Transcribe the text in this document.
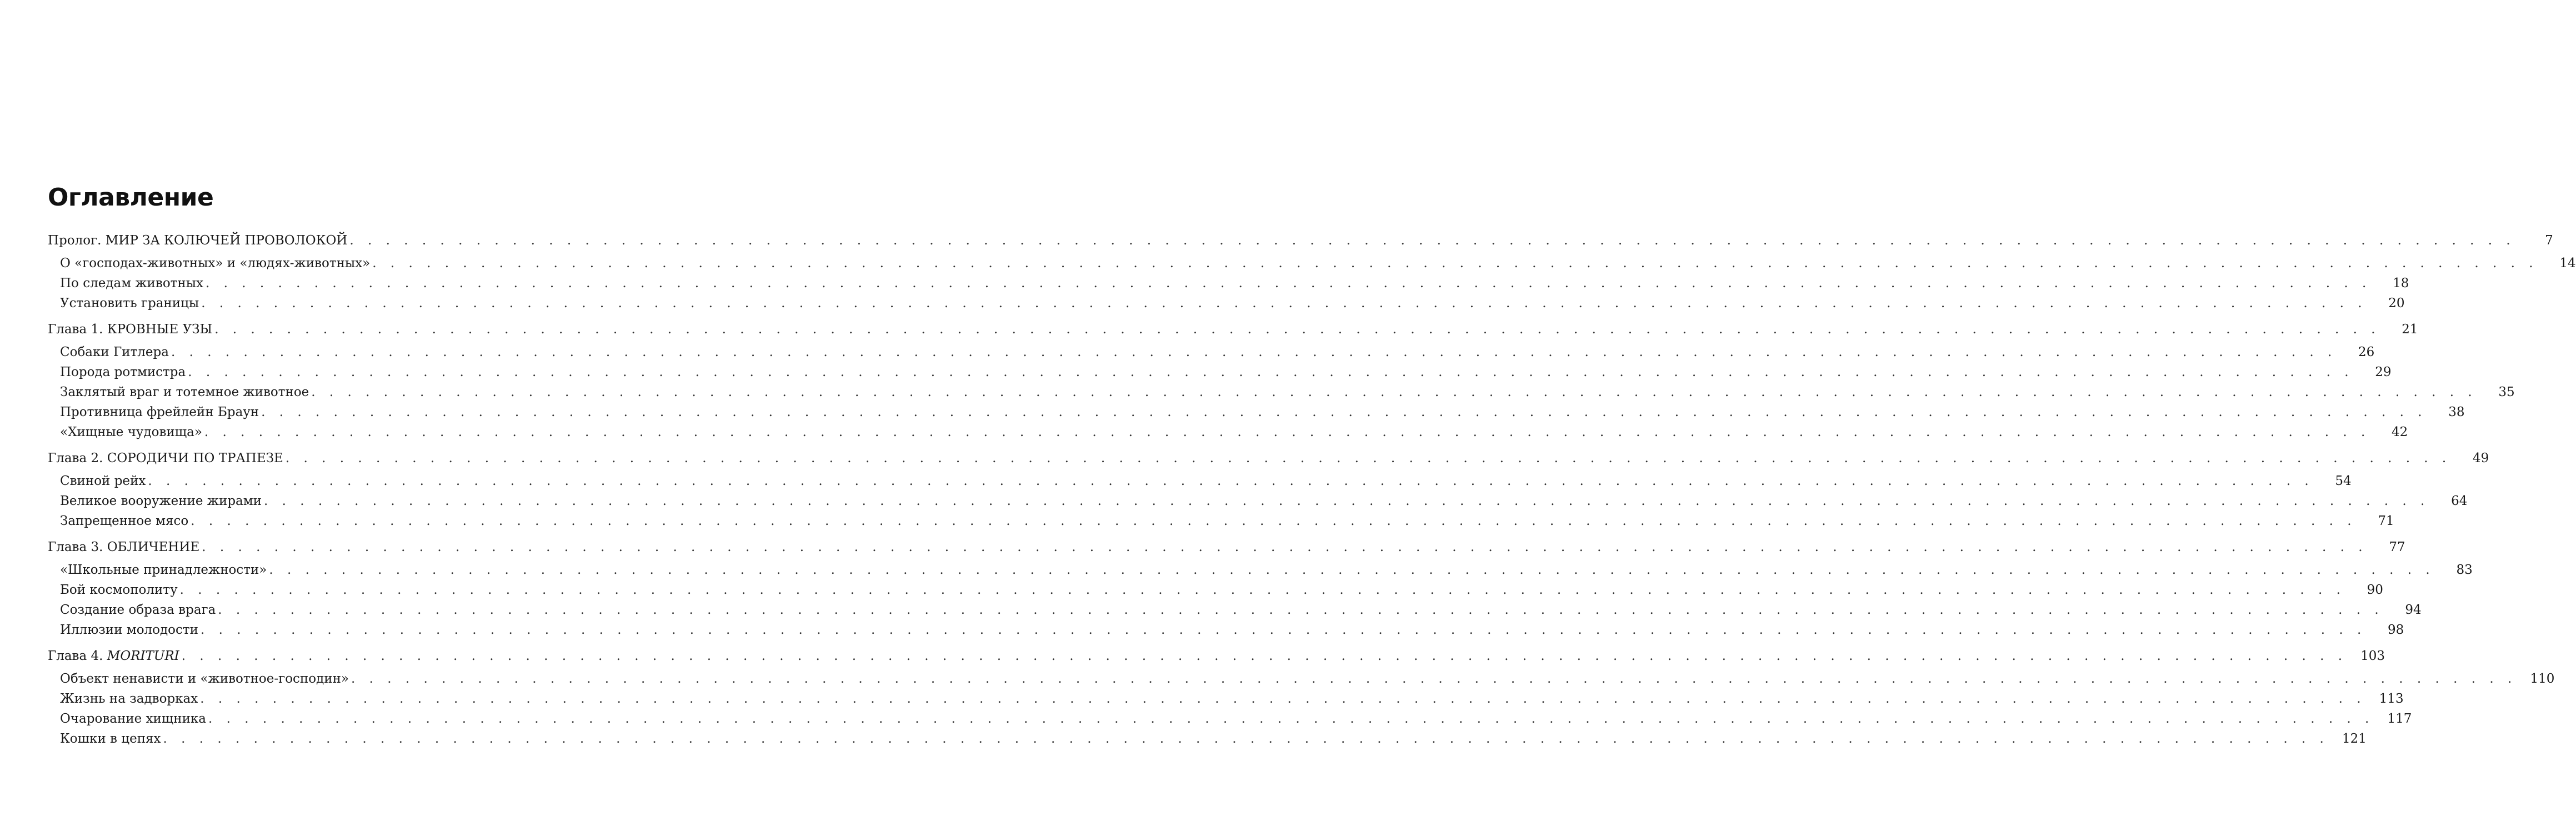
Оглавление
Пролог. МИР ЗА КОЛЮЧЕЙ ПРОВОЛОКОЙ . . . . . . . . . . . . . . . . . . . . . . . . . . . . . . . . . . . . . . . . . . . . . . . . . . . . . . . . . . . . . . . . . . . . . . . . . . . . . . . . . . . . . . . . . . . . . . . . . . . . . . . . . . . . . . . . . . . . . . . .	7
О «господах-животных» и «людях-животных» . . . . . . . . . . . . . . . . . . . . . . . . . . . . . . . . . . . . . . . . . . . . . . . . . . . . . . . . . . . . . . . . . . . . . . . . . . . . . . . . . . . . . . . . . . . . . . . . . . . . . . . . . . . . . . . . . . . . . . . .	14
По следам животных . . . . . . . . . . . . . . . . . . . . . . . . . . . . . . . . . . . . . . . . . . . . . . . . . . . . . . . . . . . . . . . . . . . . . . . . . . . . . . . . . . . . . . . . . . . . . . . . . . . . . . . . . . . . . . . . . . . . . . . .	18
Установить границы . . . . . . . . . . . . . . . . . . . . . . . . . . . . . . . . . . . . . . . . . . . . . . . . . . . . . . . . . . . . . . . . . . . . . . . . . . . . . . . . . . . . . . . . . . . . . . . . . . . . . . . . . . . . . . . . . . . . . . . .	20
Глава 1. КРОВНЫЕ УЗЫ . . . . . . . . . . . . . . . . . . . . . . . . . . . . . . . . . . . . . . . . . . . . . . . . . . . . . . . . . . . . . . . . . . . . . . . . . . . . . . . . . . . . . . . . . . . . . . . . . . . . . . . . . . . . . . . . . . . . . . . .	21
Собаки Гитлера . . . . . . . . . . . . . . . . . . . . . . . . . . . . . . . . . . . . . . . . . . . . . . . . . . . . . . . . . . . . . . . . . . . . . . . . . . . . . . . . . . . . . . . . . . . . . . . . . . . . . . . . . . . . . . . . . . . . . . . .	26
Порода ротмистра . . . . . . . . . . . . . . . . . . . . . . . . . . . . . . . . . . . . . . . . . . . . . . . . . . . . . . . . . . . . . . . . . . . . . . . . . . . . . . . . . . . . . . . . . . . . . . . . . . . . . . . . . . . . . . . . . . . . . . . .	29
Заклятый враг и тотемное животное . . . . . . . . . . . . . . . . . . . . . . . . . . . . . . . . . . . . . . . . . . . . . . . . . . . . . . . . . . . . . . . . . . . . . . . . . . . . . . . . . . . . . . . . . . . . . . . . . . . . . . . . . . . . . . . . . . . . . . . .	35
Противница фрейлейн Браун . . . . . . . . . . . . . . . . . . . . . . . . . . . . . . . . . . . . . . . . . . . . . . . . . . . . . . . . . . . . . . . . . . . . . . . . . . . . . . . . . . . . . . . . . . . . . . . . . . . . . . . . . . . . . . . . . . . . . . . .	38
«Хищные чудовища» . . . . . . . . . . . . . . . . . . . . . . . . . . . . . . . . . . . . . . . . . . . . . . . . . . . . . . . . . . . . . . . . . . . . . . . . . . . . . . . . . . . . . . . . . . . . . . . . . . . . . . . . . . . . . . . . . . . . . . . .	42
Глава 2. СОРОДИЧИ ПО ТРАПЕЗЕ . . . . . . . . . . . . . . . . . . . . . . . . . . . . . . . . . . . . . . . . . . . . . . . . . . . . . . . . . . . . . . . . . . . . . . . . . . . . . . . . . . . . . . . . . . . . . . . . . . . . . . . . . . . . . . . . . . . . . . . .	49
Свиной рейх . . . . . . . . . . . . . . . . . . . . . . . . . . . . . . . . . . . . . . . . . . . . . . . . . . . . . . . . . . . . . . . . . . . . . . . . . . . . . . . . . . . . . . . . . . . . . . . . . . . . . . . . . . . . . . . . . . . . . . . .	54
Великое вооружение жирами . . . . . . . . . . . . . . . . . . . . . . . . . . . . . . . . . . . . . . . . . . . . . . . . . . . . . . . . . . . . . . . . . . . . . . . . . . . . . . . . . . . . . . . . . . . . . . . . . . . . . . . . . . . . . . . . . . . . . . . .	64
Запрещенное мясо . . . . . . . . . . . . . . . . . . . . . . . . . . . . . . . . . . . . . . . . . . . . . . . . . . . . . . . . . . . . . . . . . . . . . . . . . . . . . . . . . . . . . . . . . . . . . . . . . . . . . . . . . . . . . . . . . . . . . . . .	71
Глава 3. ОБЛИЧЕНИЕ . . . . . . . . . . . . . . . . . . . . . . . . . . . . . . . . . . . . . . . . . . . . . . . . . . . . . . . . . . . . . . . . . . . . . . . . . . . . . . . . . . . . . . . . . . . . . . . . . . . . . . . . . . . . . . . . . . . . . . . .	77
«Школьные принадлежности» . . . . . . . . . . . . . . . . . . . . . . . . . . . . . . . . . . . . . . . . . . . . . . . . . . . . . . . . . . . . . . . . . . . . . . . . . . . . . . . . . . . . . . . . . . . . . . . . . . . . . . . . . . . . . . . . . . . . . . . .	83
Бой космополиту . . . . . . . . . . . . . . . . . . . . . . . . . . . . . . . . . . . . . . . . . . . . . . . . . . . . . . . . . . . . . . . . . . . . . . . . . . . . . . . . . . . . . . . . . . . . . . . . . . . . . . . . . . . . . . . . . . . . . . . .	90
Создание образа врага . . . . . . . . . . . . . . . . . . . . . . . . . . . . . . . . . . . . . . . . . . . . . . . . . . . . . . . . . . . . . . . . . . . . . . . . . . . . . . . . . . . . . . . . . . . . . . . . . . . . . . . . . . . . . . . . . . . . . . . .	94
Иллюзии молодости . . . . . . . . . . . . . . . . . . . . . . . . . . . . . . . . . . . . . . . . . . . . . . . . . . . . . . . . . . . . . . . . . . . . . . . . . . . . . . . . . . . . . . . . . . . . . . . . . . . . . . . . . . . . . . . . . . . . . . . .	98
Глава 4. MORITURI . . . . . . . . . . . . . . . . . . . . . . . . . . . . . . . . . . . . . . . . . . . . . . . . . . . . . . . . . . . . . . . . . . . . . . . . . . . . . . . . . . . . . . . . . . . . . . . . . . . . . . . . . . . . . . . . . . . . . . . .	103
Объект ненависти и «животное-господин» . . . . . . . . . . . . . . . . . . . . . . . . . . . . . . . . . . . . . . . . . . . . . . . . . . . . . . . . . . . . . . . . . . . . . . . . . . . . . . . . . . . . . . . . . . . . . . . . . . . . . . . . . . . . . . . . . . . . . . . .	110
Жизнь на задворках . . . . . . . . . . . . . . . . . . . . . . . . . . . . . . . . . . . . . . . . . . . . . . . . . . . . . . . . . . . . . . . . . . . . . . . . . . . . . . . . . . . . . . . . . . . . . . . . . . . . . . . . . . . . . . . . . . . . . . . .	113
Очарование хищника . . . . . . . . . . . . . . . . . . . . . . . . . . . . . . . . . . . . . . . . . . . . . . . . . . . . . . . . . . . . . . . . . . . . . . . . . . . . . . . . . . . . . . . . . . . . . . . . . . . . . . . . . . . . . . . . . . . . . . . .	117
Кошки в цепях . . . . . . . . . . . . . . . . . . . . . . . . . . . . . . . . . . . . . . . . . . . . . . . . . . . . . . . . . . . . . . . . . . . . . . . . . . . . . . . . . . . . . . . . . . . . . . . . . . . . . . . . . . . . . . . . . . . . . . . .	121
